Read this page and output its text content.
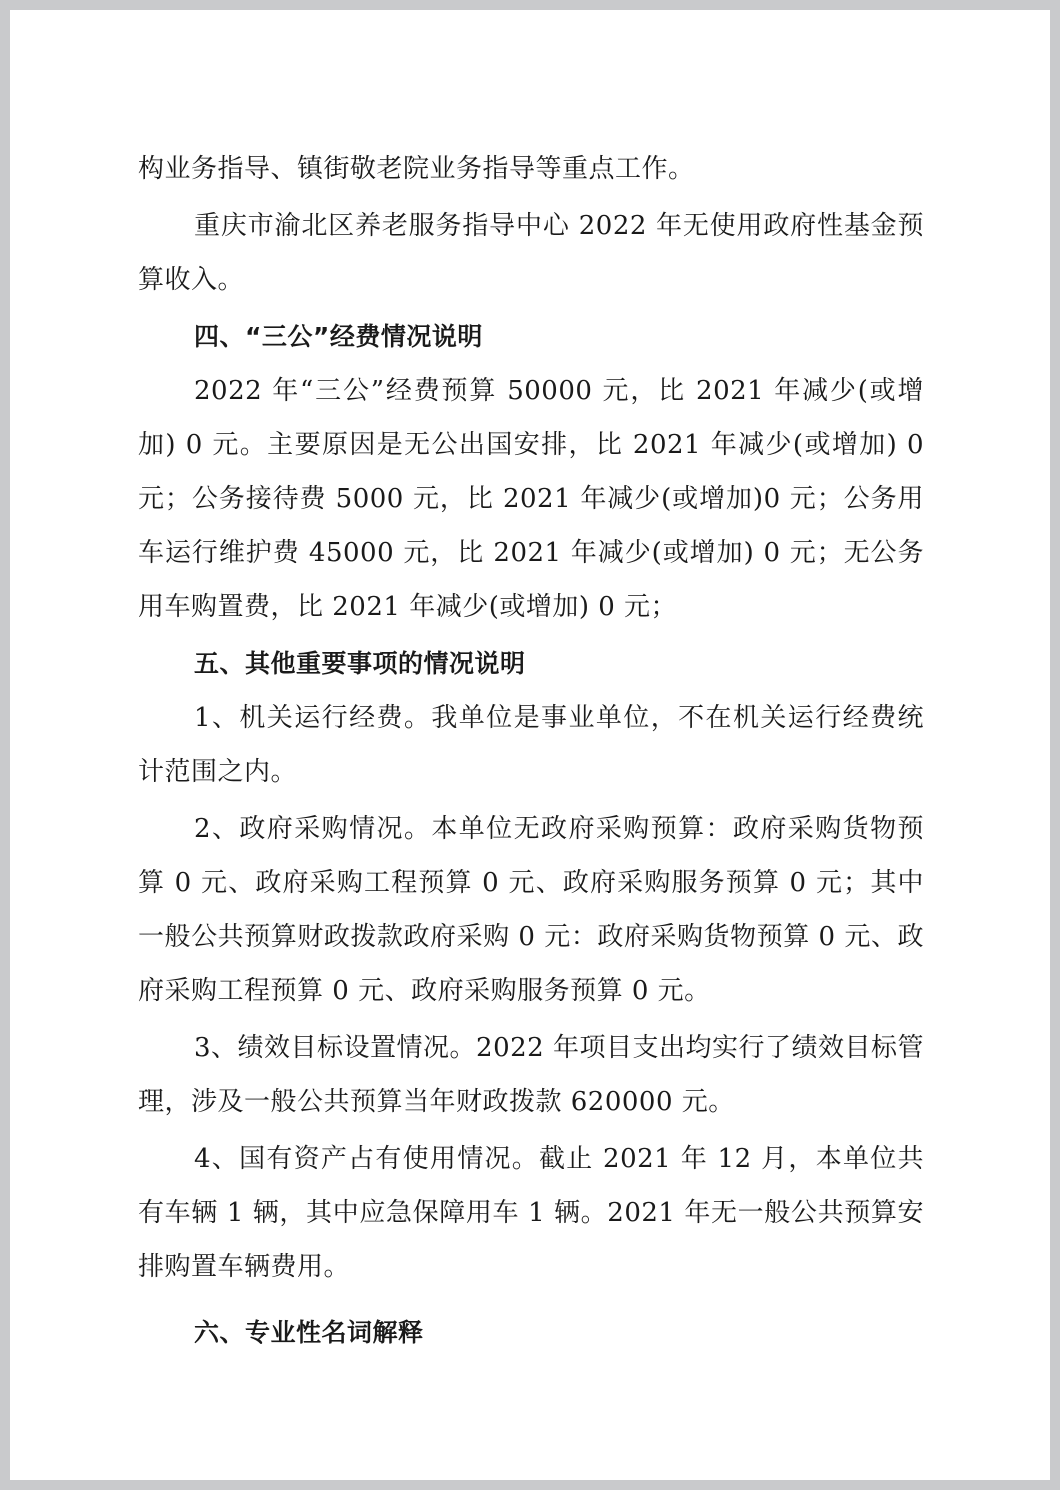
构业务指导、镇街敬老院业务指导等重点工作。

重庆市渝北区养老服务指导中心 2022 年无使用政府性基金预算收入。

四、“三公”经费情况说明

2022 年“三公”经费预算 50000 元，比 2021 年减少(或增加) 0 元。主要原因是无公出国安排，比 2021 年减少(或增加) 0 元；公务接待费 5000 元，比 2021 年减少(或增加)0 元；公务用车运行维护费 45000 元，比 2021 年减少(或增加) 0 元；无公务用车购置费，比 2021 年减少(或增加) 0 元；

五、其他重要事项的情况说明

1、机关运行经费。我单位是事业单位，不在机关运行经费统计范围之内。

2、政府采购情况。本单位无政府采购预算：政府采购货物预算 0 元、政府采购工程预算 0 元、政府采购服务预算 0 元；其中一般公共预算财政拨款政府采购 0 元：政府采购货物预算 0 元、政府采购工程预算 0 元、政府采购服务预算 0 元。

3、绩效目标设置情况。2022 年项目支出均实行了绩效目标管理，涉及一般公共预算当年财政拨款 620000 元。

4、国有资产占有使用情况。截止 2021 年 12 月，本单位共有车辆 1 辆，其中应急保障用车 1 辆。2021 年无一般公共预算安排购置车辆费用。

六、专业性名词解释
